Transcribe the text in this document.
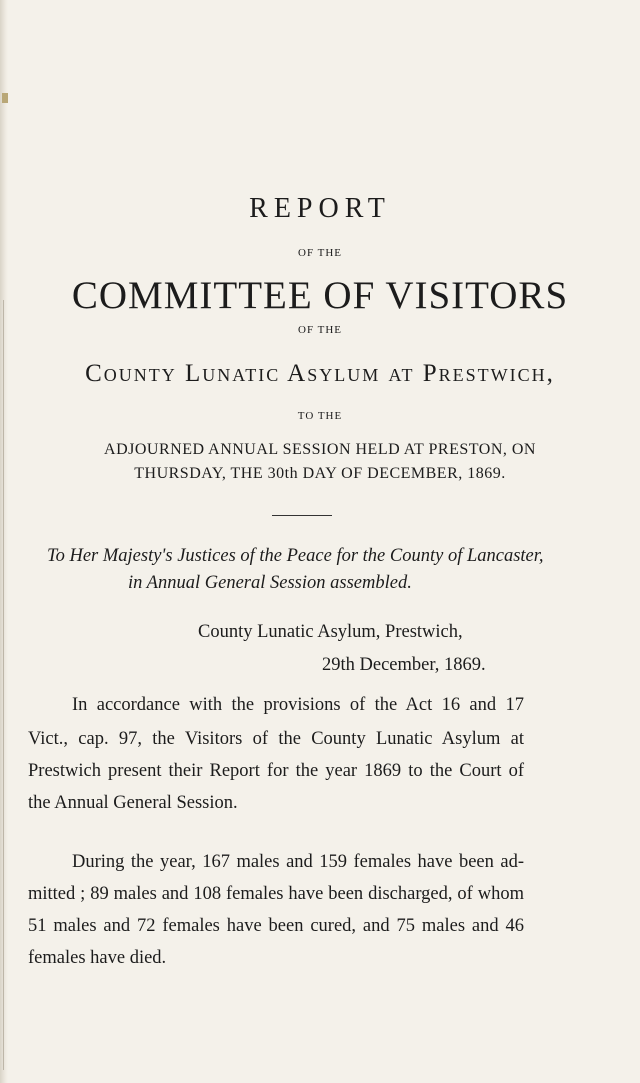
REPORT
OF THE
COMMITTEE OF VISITORS
OF THE
County Lunatic Asylum at Prestwich,
TO THE
ADJOURNED ANNUAL SESSION HELD AT PRESTON, ON
THURSDAY, THE 30th DAY OF DECEMBER, 1869.
To Her Majesty's Justices of the Peace for the County of Lancaster,
in Annual General Session assembled.
County Lunatic Asylum, Prestwich,
29th December, 1869.
In accordance with the provisions of the Act 16 and 17
Vict., cap. 97, the Visitors of the County Lunatic Asylum at
Prestwich present their Report for the year 1869 to the Court of
the Annual General Session.
During the year, 167 males and 159 females have been ad-
mitted ; 89 males and 108 females have been discharged, of whom
51 males and 72 females have been cured, and 75 males and 46
females have died.
